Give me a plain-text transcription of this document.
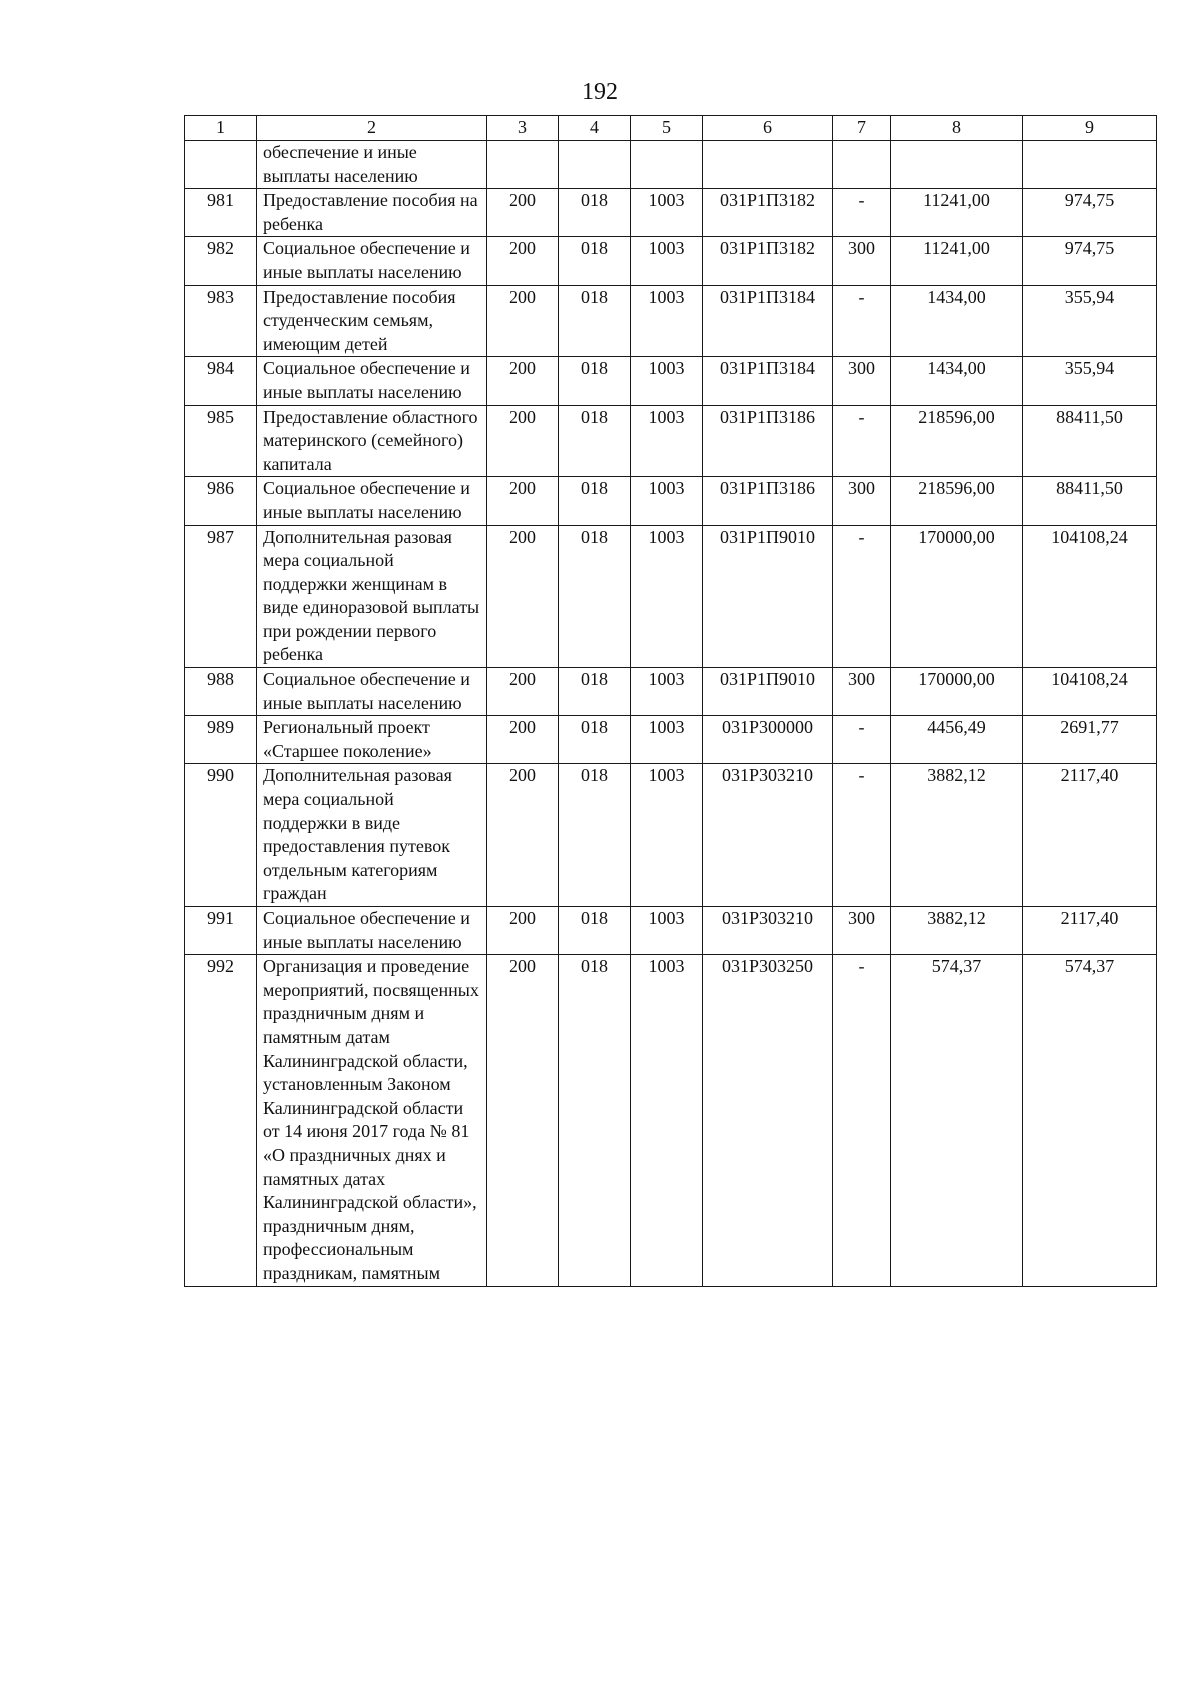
192
1	2	3	4	5	6	7	8	9
	обеспечение и иные выплаты населению							
981	Предоставление пособия на ребенка	200	018	1003	031Р1П3182	-	11241,00	974,75
982	Социальное обеспечение и иные выплаты населению	200	018	1003	031Р1П3182	300	11241,00	974,75
983	Предоставление пособия студенческим семьям, имеющим детей	200	018	1003	031Р1П3184	-	1434,00	355,94
984	Социальное обеспечение и иные выплаты населению	200	018	1003	031Р1П3184	300	1434,00	355,94
985	Предоставление областного материнского (семейного) капитала	200	018	1003	031Р1П3186	-	218596,00	88411,50
986	Социальное обеспечение и иные выплаты населению	200	018	1003	031Р1П3186	300	218596,00	88411,50
987	Дополнительная разовая мера социальной поддержки женщинам в виде единоразовой выплаты при рождении первого ребенка	200	018	1003	031Р1П9010	-	170000,00	104108,24
988	Социальное обеспечение и иные выплаты населению	200	018	1003	031Р1П9010	300	170000,00	104108,24
989	Региональный проект «Старшее поколение»	200	018	1003	031Р300000	-	4456,49	2691,77
990	Дополнительная разовая мера социальной поддержки в виде предоставления путевок отдельным категориям граждан	200	018	1003	031Р303210	-	3882,12	2117,40
991	Социальное обеспечение и иные выплаты населению	200	018	1003	031Р303210	300	3882,12	2117,40
992	Организация и проведение мероприятий, посвященных праздничным дням и памятным датам Калининградской области, установленным Законом Калининградской области от 14 июня 2017 года № 81 «О праздничных днях и памятных датах Калининградской области», праздничным дням, профессиональным праздникам, памятным	200	018	1003	031Р303250	-	574,37	574,37
